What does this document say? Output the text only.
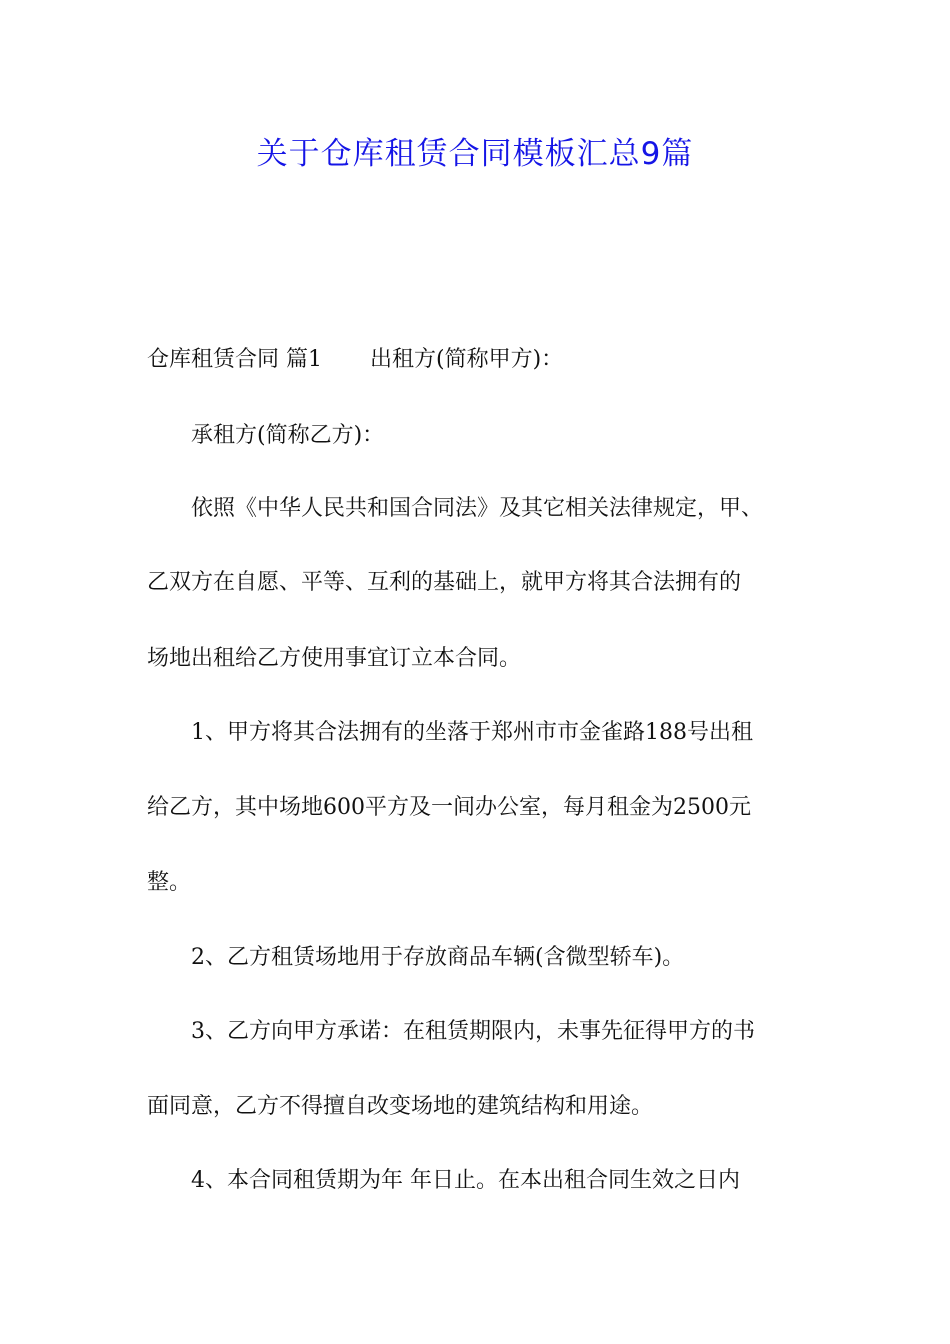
关于仓库租赁合同模板汇总9篇

仓库租赁合同 篇1 出租方(简称甲方)：

承租方(简称乙方)：

依照《中华人民共和国合同法》及其它相关法律规定，甲、

乙双方在自愿、平等、互利的基础上，就甲方将其合法拥有的

场地出租给乙方使用事宜订立本合同。

1、甲方将其合法拥有的坐落于郑州市市金雀路188号出租

给乙方，其中场地600平方及一间办公室，每月租金为2500元

整。

2、乙方租赁场地用于存放商品车辆(含微型轿车)。

3、乙方向甲方承诺：在租赁期限内，未事先征得甲方的书

面同意，乙方不得擅自改变场地的建筑结构和用途。

4、本合同租赁期为年 年日止。在本出租合同生效之日内
